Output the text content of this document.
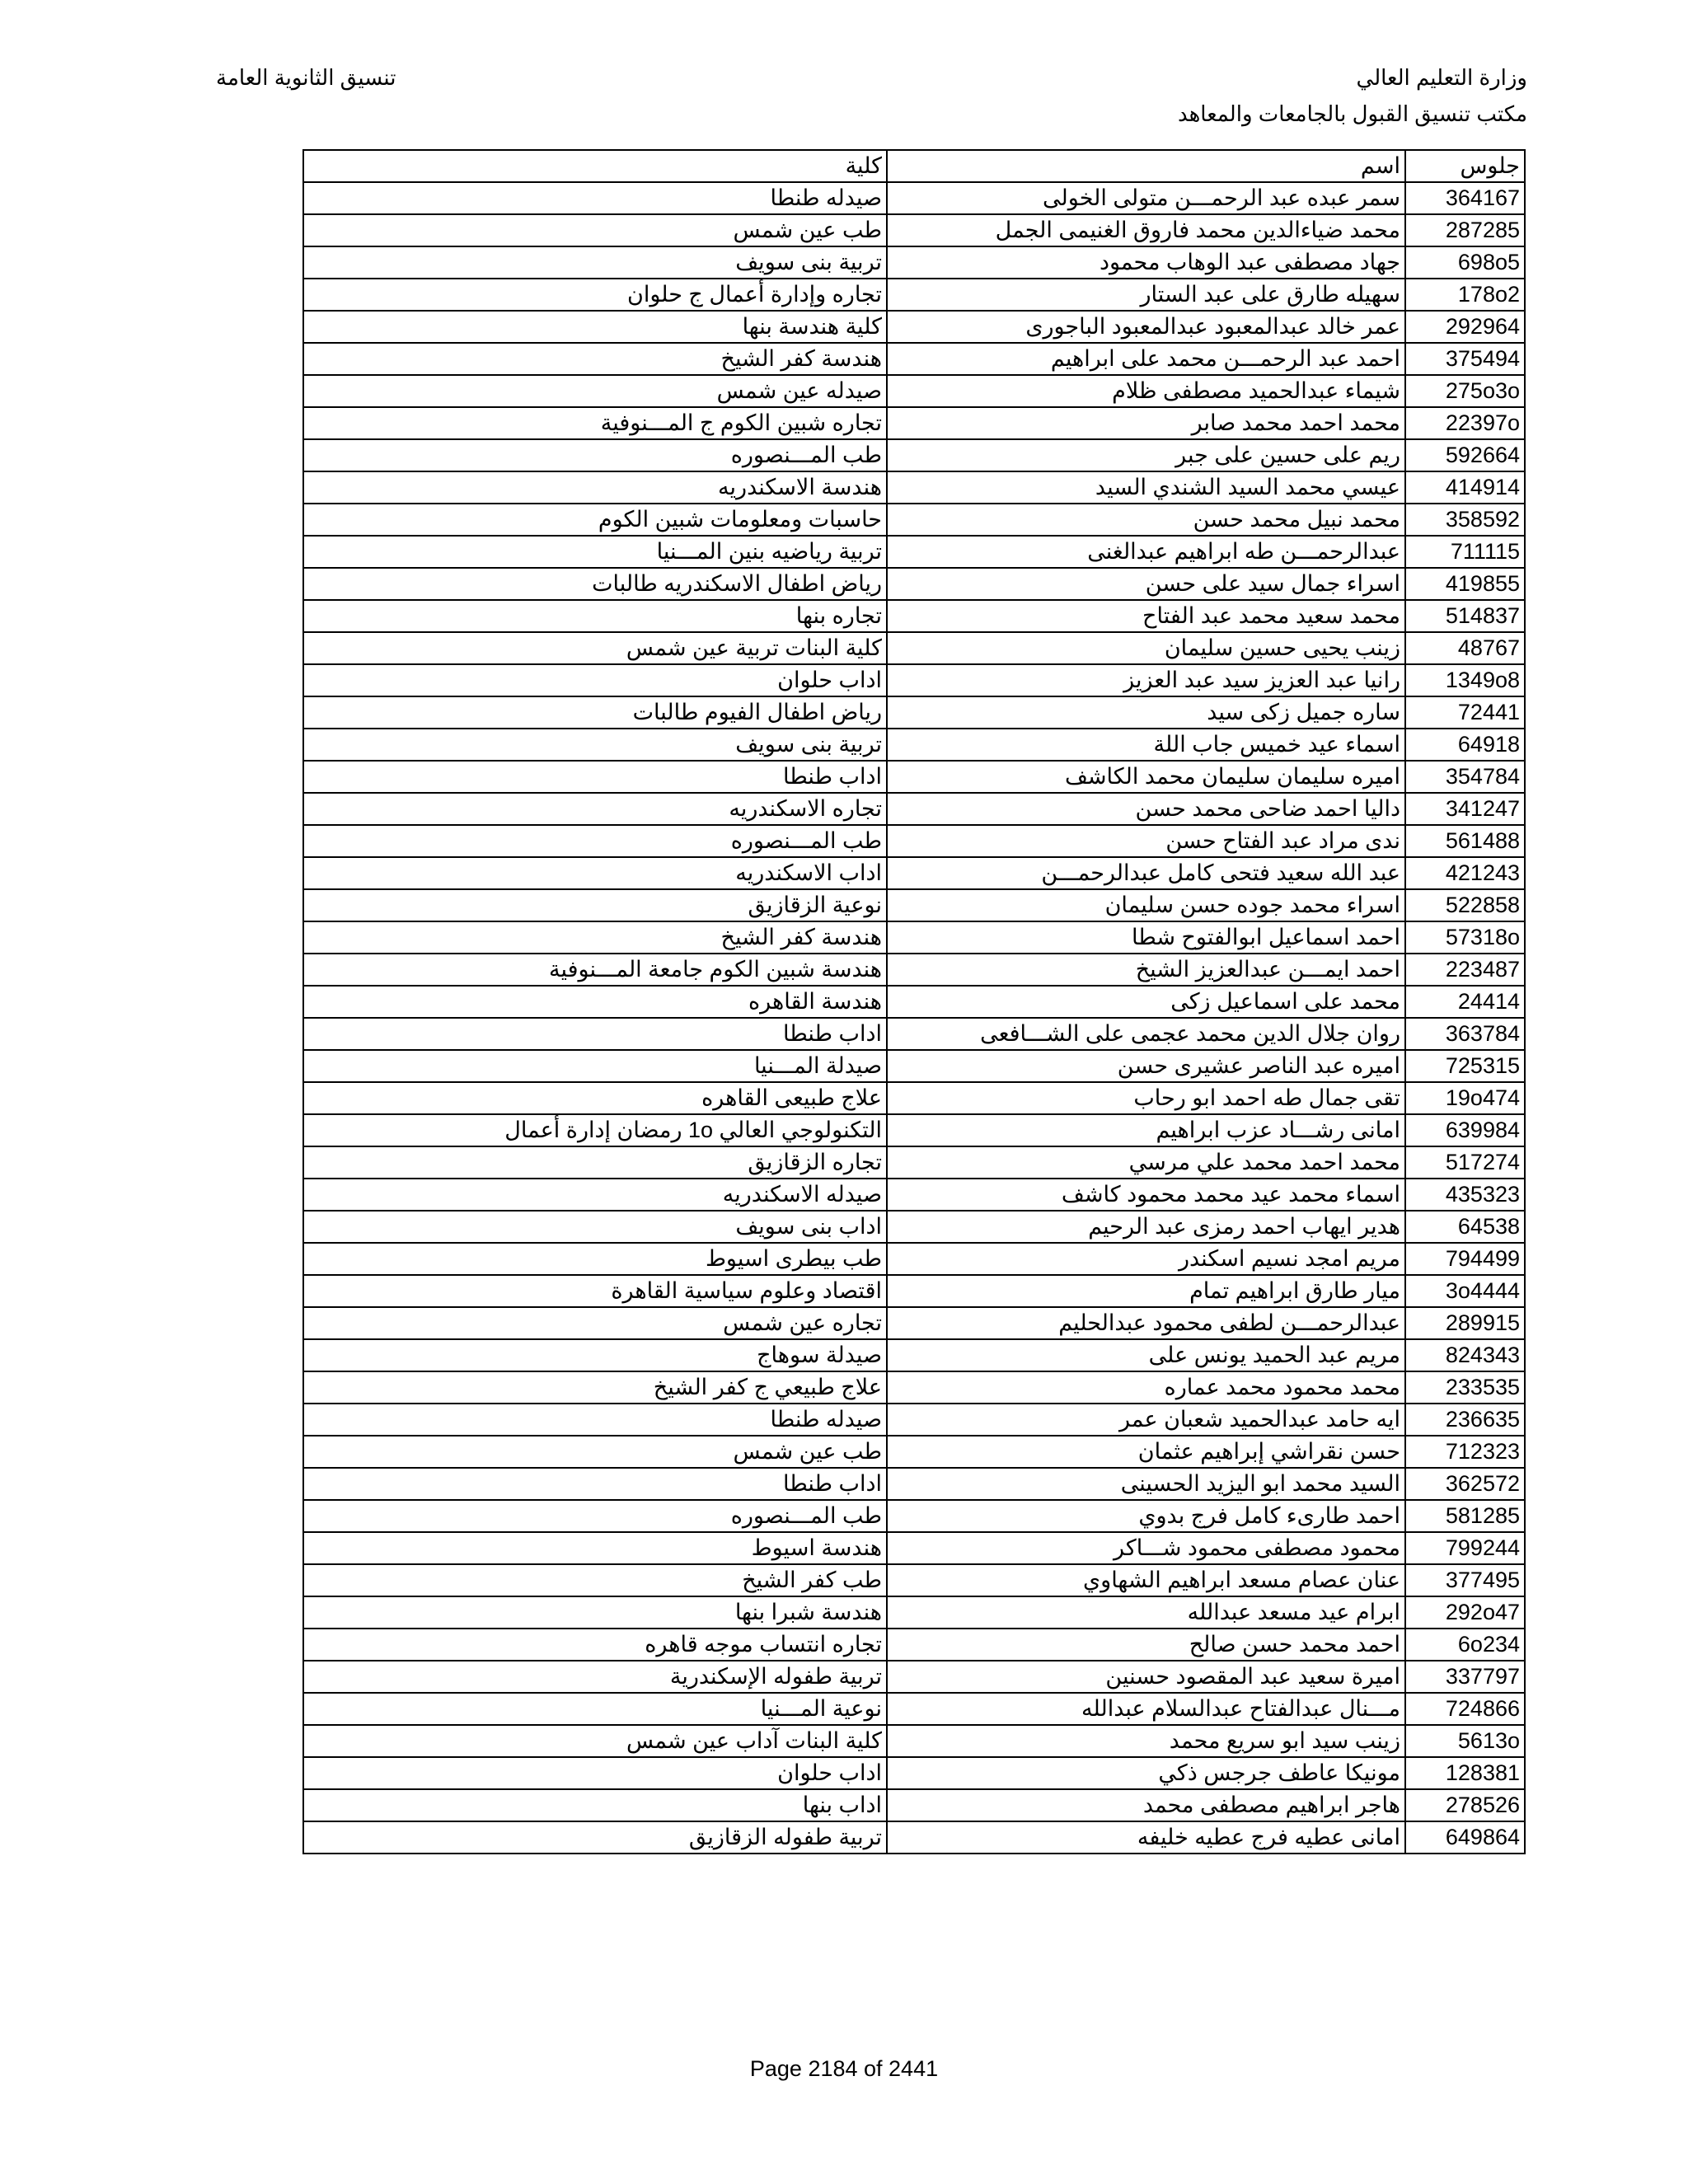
وزارة التعليم العالي
مكتب تنسيق القبول بالجامعات والمعاهد
تنسيق الثانوية العامة
جلوس	اسم	كلية
364167	سمر عبده عبد الرحمـــن متولى الخولى	صيدله طنطا
287285	محمد ضياءالدين محمد فاروق الغنيمى الجمل	طب عين شمس
698o5	جهاد مصطفى عبد الوهاب محمود	تربية بنى سويف
178o2	سهيله طارق على عبد الستار	تجاره وإدارة أعمال ج حلوان
292964	عمر خالد عبدالمعبود عبدالمعبود الباجورى	كلية هندسة بنها
375494	احمد عبد الرحمـــن محمد على ابراهيم	هندسة كفر الشيخ
275o3o	شيماء عبدالحميد مصطفى ظلام	صيدله عين شمس
22397o	محمد احمد محمد صابر	تجاره شبين الكوم ج المـــنوفية
592664	ريم على حسين على جبر	طب المـــنصوره
414914	عيسي محمد السيد الشندي السيد	هندسة الاسكندريه
358592	محمد نبيل محمد حسن	حاسبات ومعلومات شبين الكوم
711115	عبدالرحمـــن طه ابراهيم عبدالغنى	تربية رياضيه بنين المـــنيا
419855	اسراء جمال سيد على حسن	رياض اطفال الاسكندريه طالبات
514837	محمد سعيد محمد عبد الفتاح	تجاره بنها
48767	زينب يحيى حسين سليمان	كلية البنات تربية عين شمس
1349o8	رانيا عبد العزيز سيد عبد العزيز	اداب حلوان
72441	ساره جميل زكى سيد	رياض اطفال الفيوم طالبات
64918	اسماء عيد خميس جاب اللة	تربية بنى سويف
354784	اميره سليمان سليمان محمد الكاشف	اداب طنطا
341247	داليا احمد ضاحى محمد حسن	تجاره الاسكندريه
561488	ندى مراد عبد الفتاح حسن	طب المـــنصوره
421243	عبد الله سعيد فتحى كامل عبدالرحمـــن	اداب الاسكندريه
522858	اسراء محمد جوده حسن سليمان	نوعية الزقازيق
57318o	احمد اسماعيل ابوالفتوح شطا	هندسة كفر الشيخ
223487	احمد ايمـــن عبدالعزيز الشيخ	هندسة شبين الكوم جامعة المـــنوفية
24414	محمد على اسماعيل زكى	هندسة القاهره
363784	روان جلال الدين محمد عجمى على الشـــافعى	اداب طنطا
725315	اميره عبد الناصر عشيرى حسن	صيدلة المـــنيا
19o474	تقى جمال طه احمد ابو رحاب	علاج طبيعى القاهره
639984	امانى رشـــاد عزب ابراهيم	التكنولوجي العالي 1o رمضان إدارة أعمال
517274	محمد احمد محمد علي مرسي	تجاره الزقازيق
435323	اسماء محمد عيد محمد محمود كاشف	صيدله الاسكندريه
64538	هدير ايهاب احمد رمزى عبد الرحيم	اداب بنى سويف
794499	مريم امجد نسيم اسكندر	طب بيطرى اسيوط
3o4444	ميار طارق ابراهيم تمام	اقتصاد وعلوم سياسية القاهرة
289915	عبدالرحمـــن لطفى محمود عبدالحليم	تجاره عين شمس
824343	مريم عبد الحميد يونس على	صيدلة سوهاج
233535	محمد محمود محمد عماره	علاج طبيعي ج كفر الشيخ
236635	ايه حامد عبدالحميد شعبان عمر	صيدله طنطا
712323	حسن نقراشي إبراهيم عثمان	طب عين شمس
362572	السيد محمد ابو اليزيد الحسينى	اداب طنطا
581285	احمد طارىء كامل فرج بدوي	طب المـــنصوره
799244	محمود مصطفى محمود شـــاكر	هندسة اسيوط
377495	عنان عصام مسعد ابراهيم الشهاوي	طب كفر الشيخ
292o47	ابرام عيد مسعد عبدالله	هندسة شبرا بنها
6o234	احمد محمد حسن صالح	تجاره انتساب موجه قاهره
337797	اميرة سعيد عبد المقصود حسنين	تربية طفوله الإسكندرية
724866	مـــنال عبدالفتاح عبدالسلام عبدالله	نوعية المـــنيا
5613o	زينب سيد ابو سريع محمد	كلية البنات آداب عين شمس
128381	مونيكا عاطف جرجس ذكي	اداب حلوان
278526	هاجر ابراهيم مصطفى محمد	اداب بنها
649864	امانى عطيه فرج عطيه خليفه	تربية طفوله الزقازيق
Page 2184 of 2441
